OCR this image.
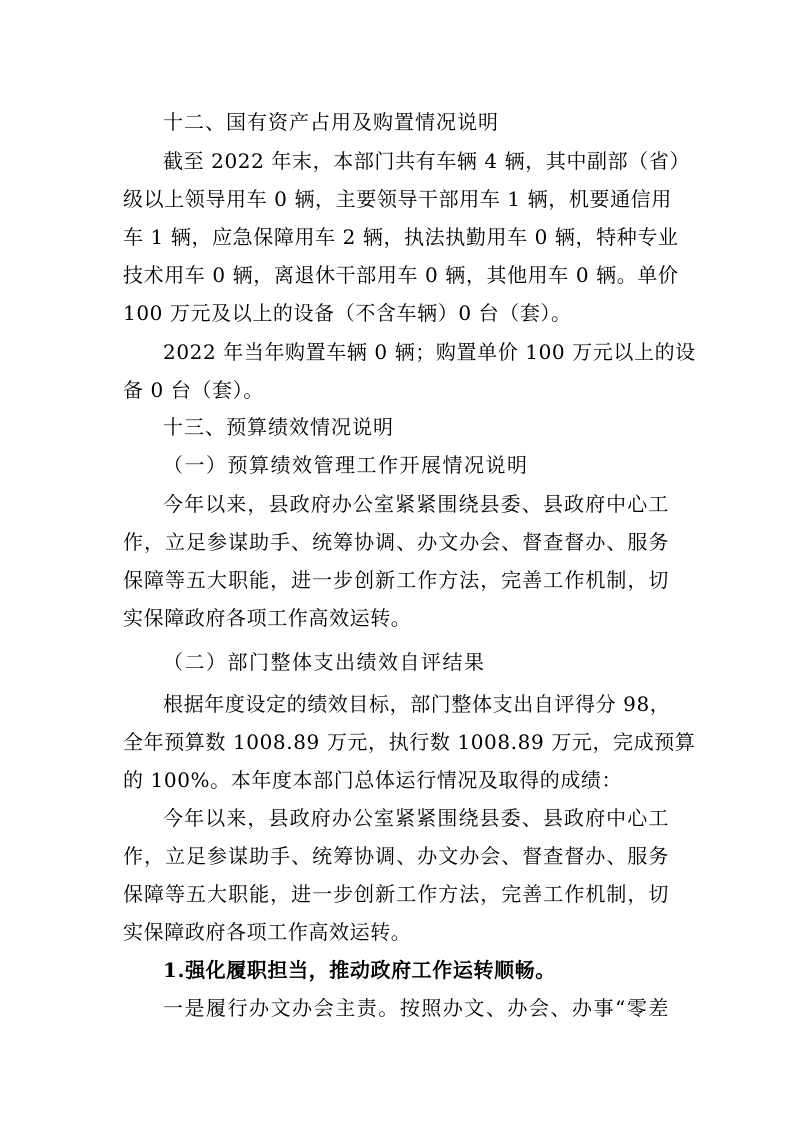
十二、国有资产占用及购置情况说明
截至 2022 年末，本部门共有车辆 4 辆，其中副部（省）
级以上领导用车 0 辆，主要领导干部用车 1 辆，机要通信用
车 1 辆，应急保障用车 2 辆，执法执勤用车 0 辆，特种专业
技术用车 0 辆，离退休干部用车 0 辆，其他用车 0 辆。单价
100 万元及以上的设备（不含车辆）0 台（套）。
2022 年当年购置车辆 0 辆；购置单价 100 万元以上的设
备 0 台（套）。
十三、预算绩效情况说明
（一）预算绩效管理工作开展情况说明
今年以来，县政府办公室紧紧围绕县委、县政府中心工
作，立足参谋助手、统筹协调、办文办会、督查督办、服务
保障等五大职能，进一步创新工作方法，完善工作机制，切
实保障政府各项工作高效运转。
（二）部门整体支出绩效自评结果
根据年度设定的绩效目标，部门整体支出自评得分 98，
全年预算数 1008.89 万元，执行数 1008.89 万元，完成预算
的 100%。本年度本部门总体运行情况及取得的成绩：
今年以来，县政府办公室紧紧围绕县委、县政府中心工
作，立足参谋助手、统筹协调、办文办会、督查督办、服务
保障等五大职能，进一步创新工作方法，完善工作机制，切
实保障政府各项工作高效运转。
1.强化履职担当，推动政府工作运转顺畅。
一是履行办文办会主责。按照办文、办会、办事“零差
